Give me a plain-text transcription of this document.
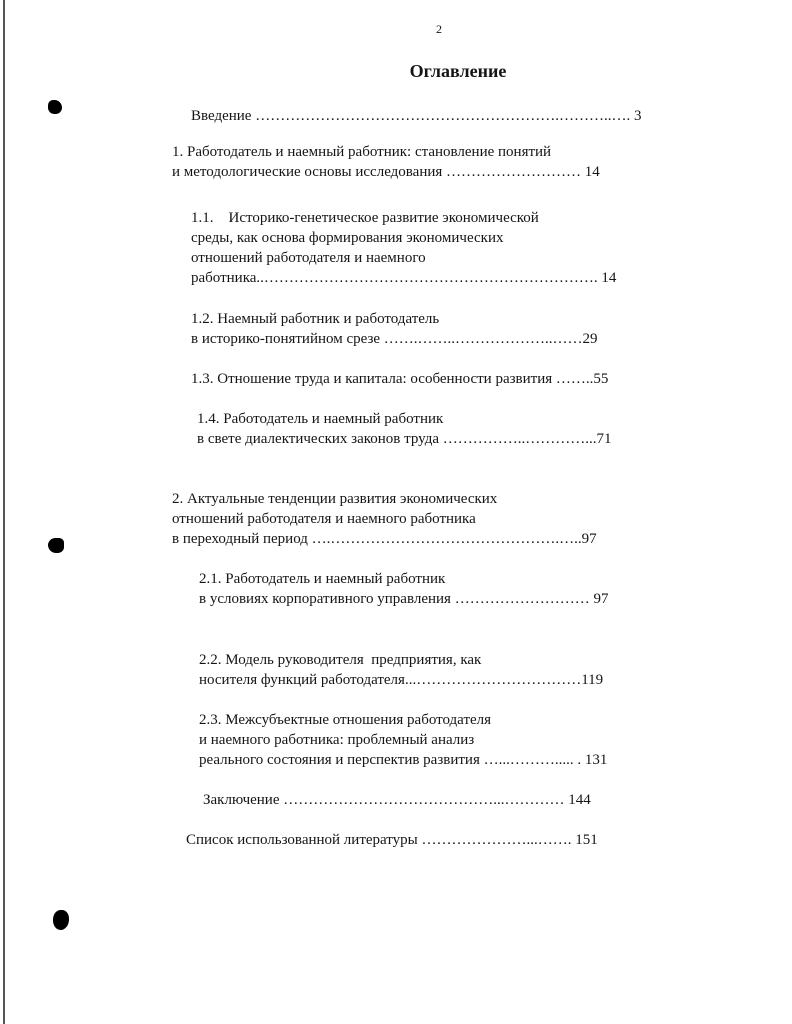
2
Оглавление
Введение …………………………………………………….………..…. 3
1. Работодатель и наемный работник: становление понятий
и методологические основы исследования ……………………… 14
1.1.    Историко-генетическое развитие экономической
среды, как основа формирования экономических
отношений работодателя и наемного
работника..…………………………………………………………. 14
1.2. Наемный работник и работодатель
в историко-понятийном срезе …….……..………………..……29
1.3. Отношение труда и капитала: особенности развития ……..55
1.4. Работодатель и наемный работник
в свете диалектических законов труда ……………..…………...71
2. Актуальные тенденции развития экономических
отношений работодателя и наемного работника
в переходный период ….……………………………………….…..97
2.1. Работодатель и наемный работник
в условиях корпоративного управления ……………………… 97
2.2. Модель руководителя  предприятия, как
носителя функций работодателя...……………………………119
2.3. Межсубъектные отношения работодателя
и наемного работника: проблемный анализ
реального состояния и перспектив развития …...………..... . 131
Заключение ……………………………………...………… 144
Список использованной литературы …………………...……. 151
